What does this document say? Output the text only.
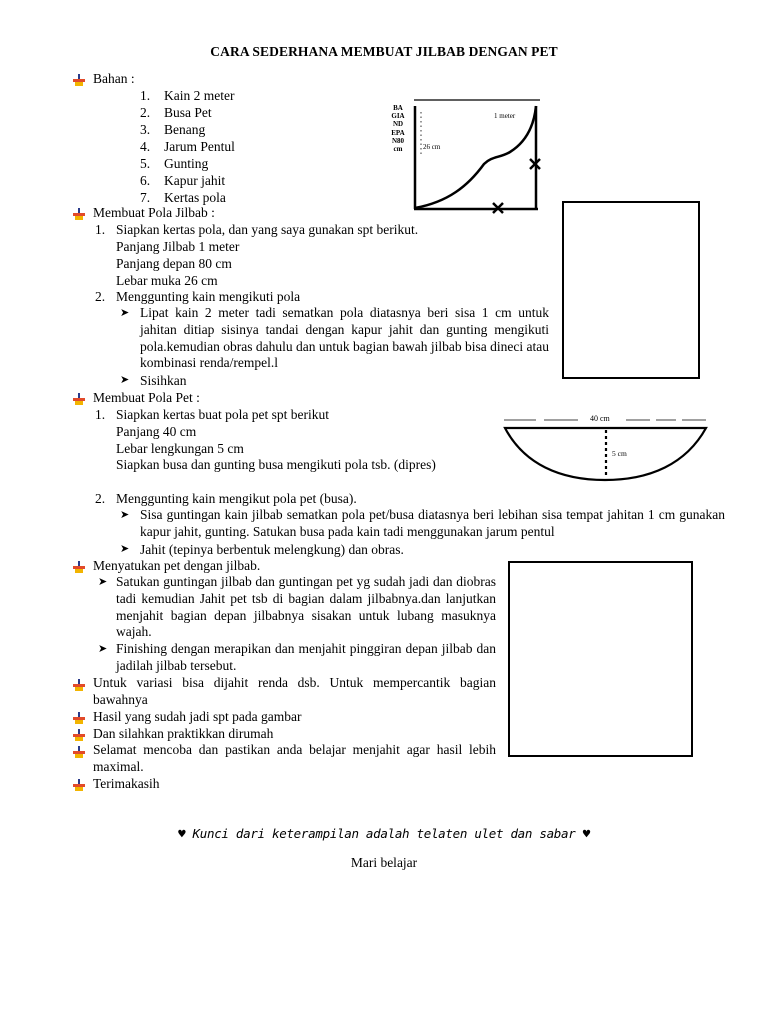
CARA SEDERHANA MEMBUAT JILBAB DENGAN PET
Bahan :
1. Kain 2 meter
2. Busa Pet
3. Benang
4. Jarum Pentul
5. Gunting
6. Kapur jahit
7. Kertas pola
1 meter
26 cm
BAGIANDEPAN80cm
Membuat Pola Jilbab :
1. Siapkan kertas pola, dan yang saya gunakan spt berikut.
Panjang Jilbab 1 meter
Panjang depan 80 cm
Lebar muka 26 cm
2. Menggunting kain mengikuti pola
➤ Lipat kain 2 meter tadi sematkan pola diatasnya beri sisa 1 cm untuk jahitan ditiap sisinya tandai dengan kapur jahit dan gunting mengikuti pola.kemudian obras dahulu dan untuk bagian bawah jilbab bisa dineci atau kombinasi renda/rempel.l
➤ Sisihkan
Membuat Pola Pet :
1. Siapkan kertas buat pola pet spt berikut
Panjang 40 cm
Lebar lengkungan 5 cm
Siapkan busa dan gunting busa mengikuti pola tsb. (dipres)
2. Menggunting kain mengikut pola pet (busa).
➤ Sisa guntingan kain jilbab sematkan pola pet/busa diatasnya beri lebihan sisa tempat jahitan 1 cm gunakan kapur jahit, gunting. Satukan busa pada kain tadi menggunakan jarum pentul
➤ Jahit (tepinya berbentuk melengkung) dan obras.
40 cm
5 cm
Menyatukan pet dengan jilbab.
➤ Satukan guntingan jilbab dan guntingan pet yg sudah jadi dan diobras tadi kemudian Jahit pet tsb di bagian dalam jilbabnya.dan lanjutkan menjahit bagian depan jilbabnya sisakan untuk lubang masuknya wajah.
➤ Finishing dengan merapikan dan menjahit pinggiran depan jilbab dan jadilah jilbab tersebut.
Untuk variasi bisa dijahit renda dsb. Untuk mempercantik bagian bawahnya
Hasil yang sudah jadi spt pada gambar
Dan silahkan praktikkan dirumah
Selamat mencoba dan pastikan anda belajar menjahit agar hasil lebih maximal.
Terimakasih
♥ Kunci dari keterampilan adalah telaten ulet dan sabar ♥
Mari belajar
